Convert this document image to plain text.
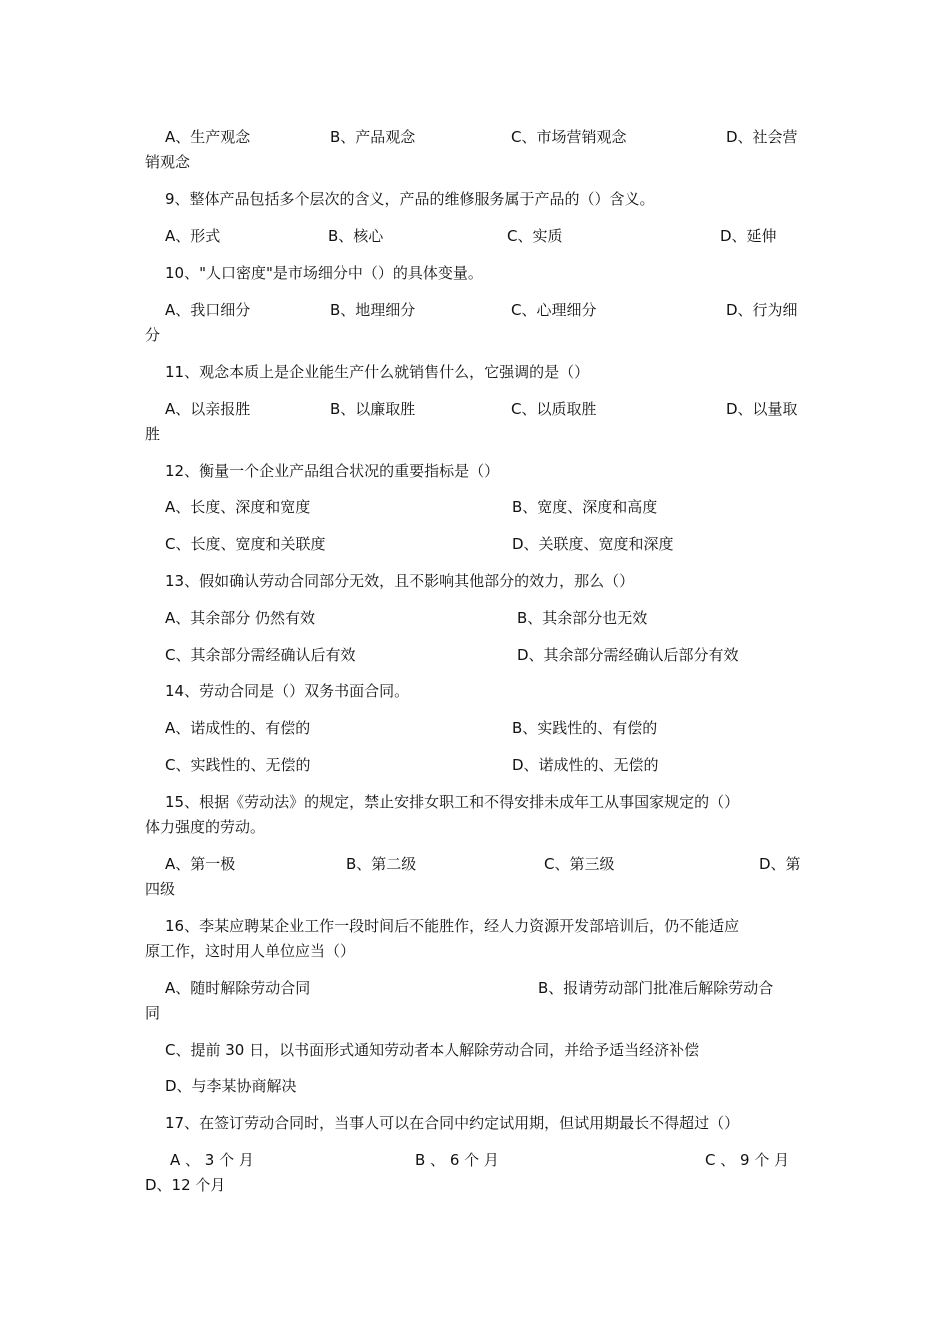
A、生产观念	B、产品观念	C、市场营销观念	D、社会营
销观念
9、整体产品包括多个层次的含义，产品的维修服务属于产品的（）含义。
A、形式	B、核心	C、实质	D、延伸
10、"人口密度"是市场细分中（）的具体变量。
A、我口细分	B、地理细分	C、心理细分	D、行为细
分
11、观念本质上是企业能生产什么就销售什么，它强调的是（）
A、以亲报胜	B、以廉取胜	C、以质取胜	D、以量取
胜
12、衡量一个企业产品组合状况的重要指标是（）
A、长度、深度和宽度	B、宽度、深度和高度
C、长度、宽度和关联度	D、关联度、宽度和深度
13、假如确认劳动合同部分无效，且不影响其他部分的效力，那么（）
A、其余部分 仍然有效	B、其余部分也无效
C、其余部分需经确认后有效	D、其余部分需经确认后部分有效
14、劳动合同是（）双务书面合同。
A、诺成性的、有偿的	B、实践性的、有偿的
C、实践性的、无偿的	D、诺成性的、无偿的
15、根据《劳动法》的规定，禁止安排女职工和不得安排未成年工从事国家规定的（）
体力强度的劳动。
A、第一极	B、第二级	C、第三级	D、第
四级
16、李某应聘某企业工作一段时间后不能胜作，经人力资源开发部培训后，仍不能适应
原工作，这时用人单位应当（）
A、随时解除劳动合同	B、报请劳动部门批准后解除劳动合
同
C、提前 30 日，以书面形式通知劳动者本人解除劳动合同，并给予适当经济补偿
D、与李某协商解决
17、在签订劳动合同时，当事人可以在合同中约定试用期，但试用期最长不得超过（）
A 、 3 个 月	B 、 6 个 月	C 、 9 个 月
D、12 个月
